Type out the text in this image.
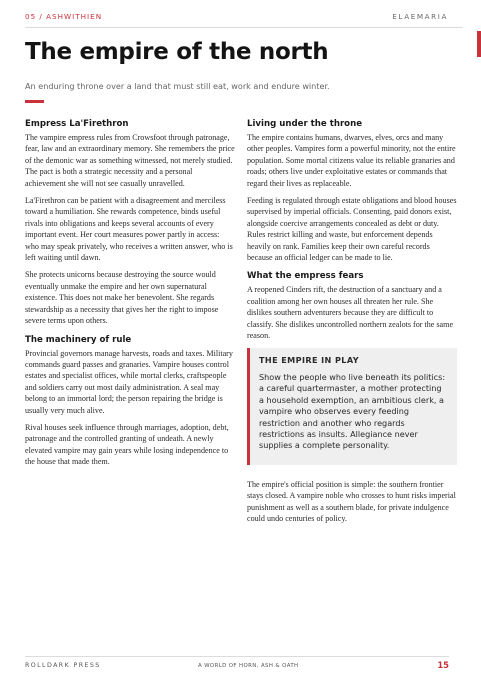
05 / ASHWITHIEN	ELAEMARIA
The empire of the north

An enduring throne over a land that must still eat, work and endure winter.

Empress La'Firethron

The vampire empress rules from Crowsfoot through patronage, fear, law and an extraordinary memory. She remembers the price of the demonic war as something witnessed, not merely studied. The pact is both a strategic necessity and a personal achievement she will not see casually unravelled.

La'Firethron can be patient with a disagreement and merciless toward a humiliation. She rewards competence, binds useful rivals into obligations and keeps several accounts of every important event. Her court measures power partly in access: who may speak privately, who receives a written answer, who is left waiting until dawn.

She protects unicorns because destroying the source would eventually unmake the empire and her own supernatural existence. This does not make her benevolent. She regards stewardship as a necessity that gives her the right to impose severe terms upon others.

The machinery of rule

Provincial governors manage harvests, roads and taxes. Military commands guard passes and granaries. Vampire houses control estates and specialist offices, while mortal clerks, craftspeople and soldiers carry out most daily administration. A seal may belong to an immortal lord; the person repairing the bridge is usually very much alive.

Rival houses seek influence through marriages, adoption, debt, patronage and the controlled granting of undeath. A newly elevated vampire may gain years while losing independence to the house that made them.

Living under the throne

The empire contains humans, dwarves, elves, orcs and many other peoples. Vampires form a powerful minority, not the entire population. Some mortal citizens value its reliable granaries and roads; others live under exploitative estates or commands that regard their lives as replaceable.

Feeding is regulated through estate obligations and blood houses supervised by imperial officials. Consenting, paid donors exist, alongside coercive arrangements concealed as debt or duty. Rules restrict killing and waste, but enforcement depends heavily on rank. Families keep their own careful records because an official ledger can be made to lie.

What the empress fears

A reopened Cinders rift, the destruction of a sanctuary and a coalition among her own houses all threaten her rule. She dislikes southern adventurers because they are difficult to classify. She dislikes uncontrolled northern zealots for the same reason.

THE EMPIRE IN PLAY

Show the people who live beneath its politics: a careful quartermaster, a mother protecting a household exemption, an ambitious clerk, a vampire who observes every feeding restriction and another who regards restrictions as insults. Allegiance never supplies a complete personality.

The empire's official position is simple: the southern frontier stays closed. A vampire noble who crosses to hunt risks imperial punishment as well as a southern blade, for private indulgence could undo centuries of policy.

ROLLDARK PRESS	A WORLD OF HORN, ASH & OATH	15
